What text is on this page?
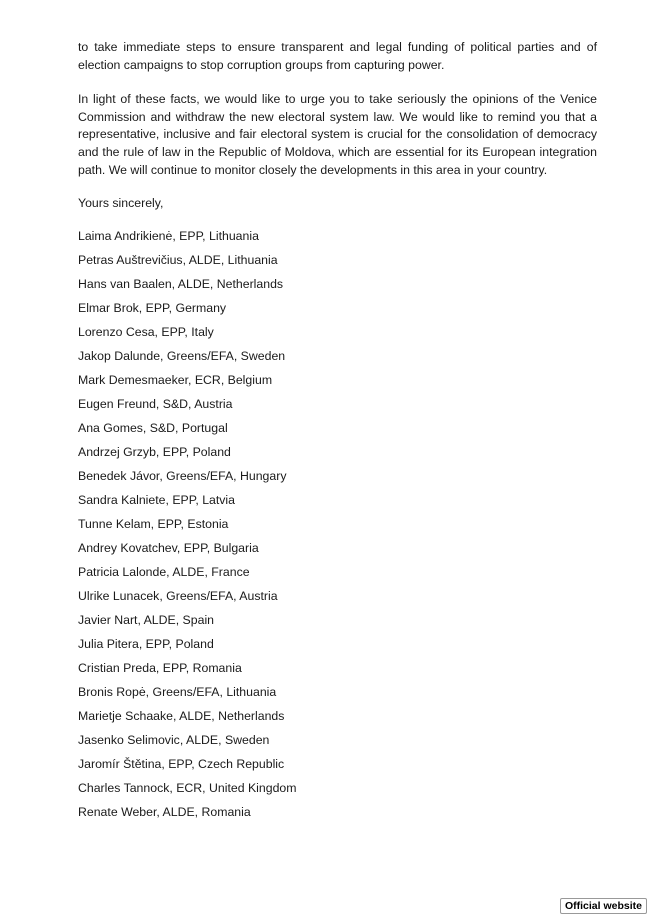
to take immediate steps to ensure transparent and legal funding of political parties and of election campaigns to stop corruption groups from capturing power.

In light of these facts, we would like to urge you to take seriously the opinions of the Venice Commission and withdraw the new electoral system law. We would like to remind you that a representative, inclusive and fair electoral system is crucial for the consolidation of democracy and the rule of law in the Republic of Moldova, which are essential for its European integration path. We will continue to monitor closely the developments in this area in your country.

Yours sincerely,

Laima Andrikienė, EPP, Lithuania
Petras Auštrevičius, ALDE, Lithuania
Hans van Baalen, ALDE, Netherlands
Elmar Brok, EPP, Germany
Lorenzo Cesa, EPP, Italy
Jakop Dalunde, Greens/EFA, Sweden
Mark Demesmaeker, ECR, Belgium
Eugen Freund, S&D, Austria
Ana Gomes, S&D, Portugal
Andrzej Grzyb, EPP, Poland
Benedek Jávor, Greens/EFA, Hungary
Sandra Kalniete, EPP, Latvia
Tunne Kelam, EPP, Estonia
Andrey Kovatchev, EPP, Bulgaria
Patricia Lalonde, ALDE, France
Ulrike Lunacek, Greens/EFA, Austria
Javier Nart, ALDE, Spain
Julia Pitera, EPP, Poland
Cristian Preda, EPP, Romania
Bronis Ropė, Greens/EFA, Lithuania
Marietje Schaake, ALDE, Netherlands
Jasenko Selimovic, ALDE, Sweden
Jaromír Štětina, EPP, Czech Republic
Charles Tannock, ECR, United Kingdom
Renate Weber, ALDE, Romania
Official website
